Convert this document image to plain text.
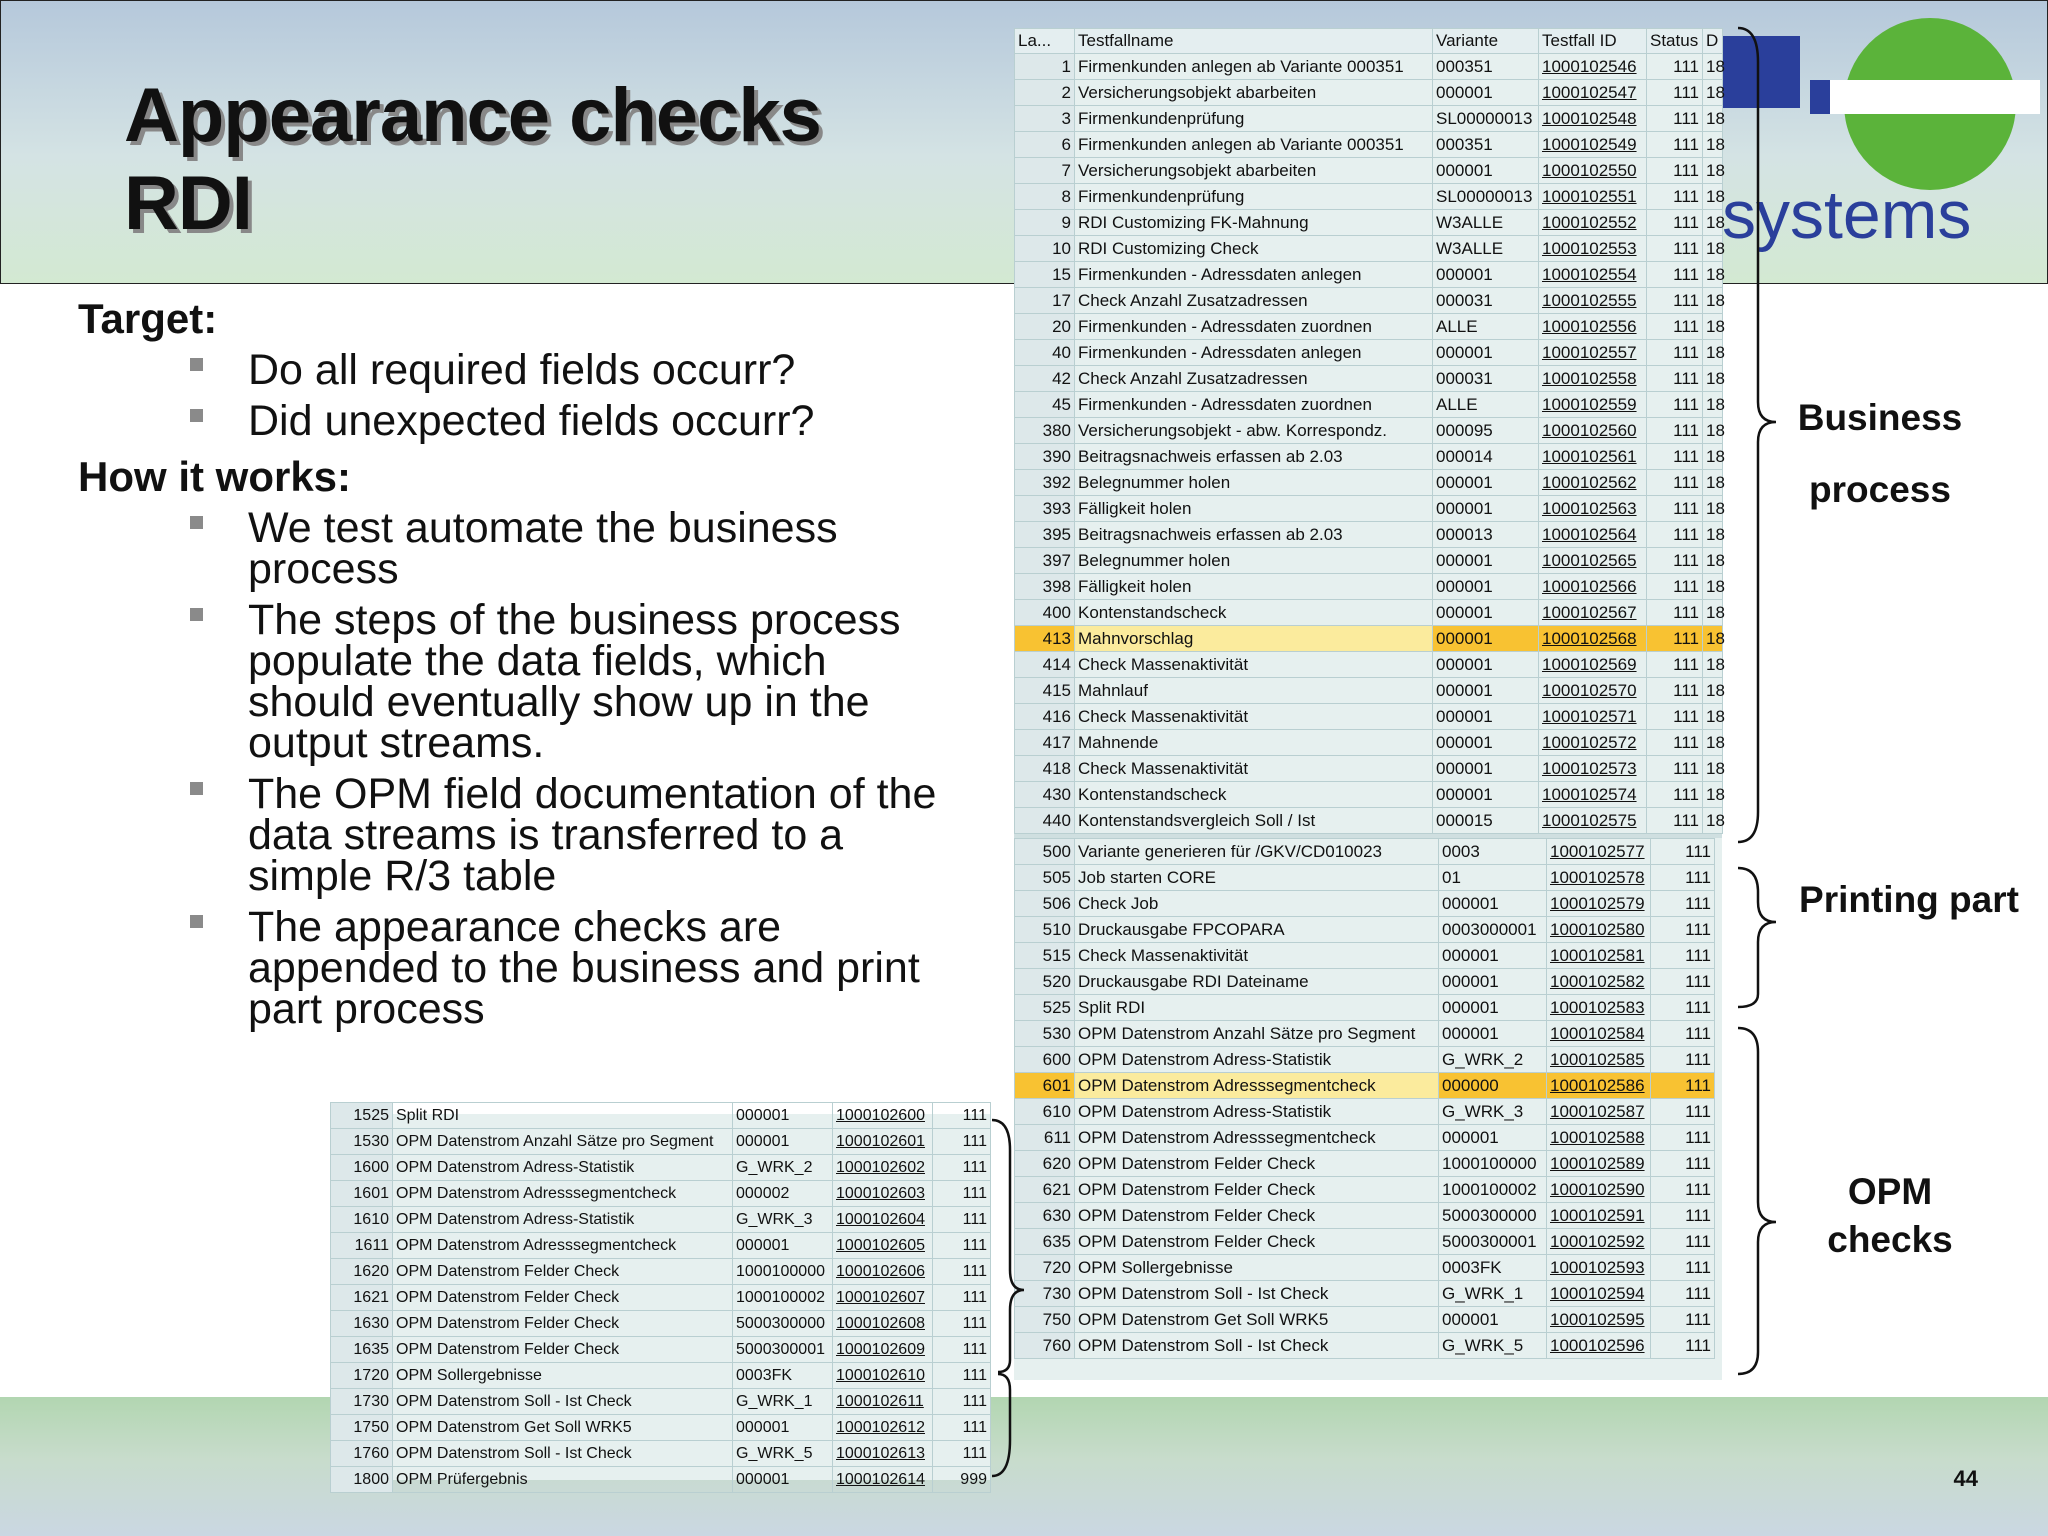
Appearance checks
RDI	systems

Target:

Do all required fields occurr?
Did unexpected fields occurr?

How it works:

We test automate the business process
The steps of the business process populate the data fields, which should eventually show up in the output streams.
The OPM field documentation of the data streams is transferred to a simple R/3 table
The appearance checks are appended to the business and print part process
44
La...	Testfallname	Variante	Testfall ID	Status	D
1	Firmenkunden anlegen ab Variante 000351	000351	1000102546	111	18
2	Versicherungsobjekt abarbeiten	000001	1000102547	111	18
3	Firmenkundenprüfung	SL00000013	1000102548	111	18
6	Firmenkunden anlegen ab Variante 000351	000351	1000102549	111	18
7	Versicherungsobjekt abarbeiten	000001	1000102550	111	18
8	Firmenkundenprüfung	SL00000013	1000102551	111	18
9	RDI Customizing FK-Mahnung	W3ALLE	1000102552	111	18
10	RDI Customizing Check	W3ALLE	1000102553	111	18
15	Firmenkunden - Adressdaten anlegen	000001	1000102554	111	18
17	Check Anzahl Zusatzadressen	000031	1000102555	111	18
20	Firmenkunden - Adressdaten zuordnen	ALLE	1000102556	111	18
40	Firmenkunden - Adressdaten anlegen	000001	1000102557	111	18
42	Check Anzahl Zusatzadressen	000031	1000102558	111	18
45	Firmenkunden - Adressdaten zuordnen	ALLE	1000102559	111	18
380	Versicherungsobjekt - abw. Korrespondz.	000095	1000102560	111	18
390	Beitragsnachweis erfassen ab 2.03	000014	1000102561	111	18
392	Belegnummer holen	000001	1000102562	111	18
393	Fälligkeit holen	000001	1000102563	111	18
395	Beitragsnachweis erfassen ab 2.03	000013	1000102564	111	18
397	Belegnummer holen	000001	1000102565	111	18
398	Fälligkeit holen	000001	1000102566	111	18
400	Kontenstandscheck	000001	1000102567	111	18
413	Mahnvorschlag	000001	1000102568	111	18
414	Check Massenaktivität	000001	1000102569	111	18
415	Mahnlauf	000001	1000102570	111	18
416	Check Massenaktivität	000001	1000102571	111	18
417	Mahnende	000001	1000102572	111	18
418	Check Massenaktivität	000001	1000102573	111	18
430	Kontenstandscheck	000001	1000102574	111	18
440	Kontenstandsvergleich Soll / Ist	000015	1000102575	111	18
500	Variante generieren für /GKV/CD010023	0003	1000102577	111
505	Job starten CORE	01	1000102578	111
506	Check Job	000001	1000102579	111
510	Druckausgabe FPCOPARA	0003000001	1000102580	111
515	Check Massenaktivität	000001	1000102581	111
520	Druckausgabe RDI Dateiname	000001	1000102582	111
525	Split RDI	000001	1000102583	111
530	OPM Datenstrom Anzahl Sätze pro Segment	000001	1000102584	111
600	OPM Datenstrom Adress-Statistik	G_WRK_2	1000102585	111
601	OPM Datenstrom Adresssegmentcheck	000000	1000102586	111
610	OPM Datenstrom Adress-Statistik	G_WRK_3	1000102587	111
611	OPM Datenstrom Adresssegmentcheck	000001	1000102588	111
620	OPM Datenstrom Felder Check	1000100000	1000102589	111
621	OPM Datenstrom Felder Check	1000100002	1000102590	111
630	OPM Datenstrom Felder Check	5000300000	1000102591	111
635	OPM Datenstrom Felder Check	5000300001	1000102592	111
720	OPM Sollergebnisse	0003FK	1000102593	111
730	OPM Datenstrom Soll - Ist Check	G_WRK_1	1000102594	111
750	OPM Datenstrom Get Soll WRK5	000001	1000102595	111
760	OPM Datenstrom Soll - Ist Check	G_WRK_5	1000102596	111
1525	Split RDI	000001	1000102600	111
1530	OPM Datenstrom Anzahl Sätze pro Segment	000001	1000102601	111
1600	OPM Datenstrom Adress-Statistik	G_WRK_2	1000102602	111
1601	OPM Datenstrom Adresssegmentcheck	000002	1000102603	111
1610	OPM Datenstrom Adress-Statistik	G_WRK_3	1000102604	111
1611	OPM Datenstrom Adresssegmentcheck	000001	1000102605	111
1620	OPM Datenstrom Felder Check	1000100000	1000102606	111
1621	OPM Datenstrom Felder Check	1000100002	1000102607	111
1630	OPM Datenstrom Felder Check	5000300000	1000102608	111
1635	OPM Datenstrom Felder Check	5000300001	1000102609	111
1720	OPM Sollergebnisse	0003FK	1000102610	111
1730	OPM Datenstrom Soll - Ist Check	G_WRK_1	1000102611	111
1750	OPM Datenstrom Get Soll WRK5	000001	1000102612	111
1760	OPM Datenstrom Soll - Ist Check	G_WRK_5	1000102613	111
1800	OPM Prüfergebnis	000001	1000102614	999
Business
process
Printing part
OPM
checks
